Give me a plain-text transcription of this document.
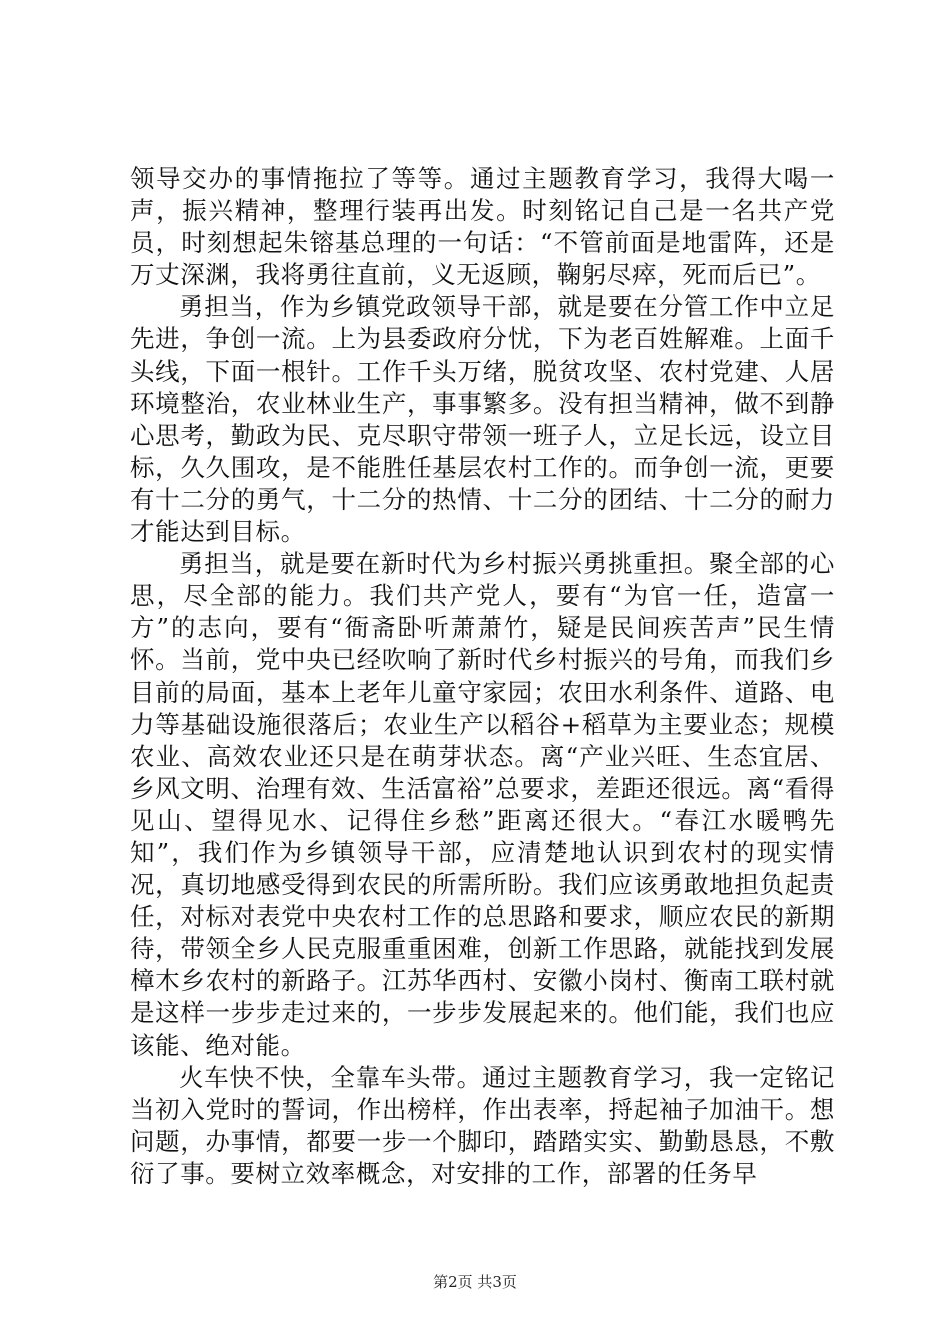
领导交办的事情拖拉了等等。通过主题教育学习，我得大喝一声，振兴精神，整理行装再出发。时刻铭记自己是一名共产党员，时刻想起朱镕基总理的一句话：“不管前面是地雷阵，还是万丈深渊，我将勇往直前，义无返顾，鞠躬尽瘁，死而后已”。

勇担当，作为乡镇党政领导干部，就是要在分管工作中立足先进，争创一流。上为县委政府分忧，下为老百姓解难。上面千头线，下面一根针。工作千头万绪，脱贫攻坚、农村党建、人居环境整治，农业林业生产，事事繁多。没有担当精神，做不到静心思考，勤政为民、克尽职守带领一班子人，立足长远，设立目标，久久围攻，是不能胜任基层农村工作的。而争创一流，更要有十二分的勇气，十二分的热情、十二分的团结、十二分的耐力才能达到目标。

勇担当，就是要在新时代为乡村振兴勇挑重担。聚全部的心思，尽全部的能力。我们共产党人，要有“为官一任，造富一方”的志向，要有“衙斋卧听萧萧竹，疑是民间疾苦声”民生情怀。当前，党中央已经吹响了新时代乡村振兴的号角，而我们乡目前的局面，基本上老年儿童守家园；农田水利条件、道路、电力等基础设施很落后；农业生产以稻谷+稻草为主要业态；规模农业、高效农业还只是在萌芽状态。离“产业兴旺、生态宜居、乡风文明、治理有效、生活富裕”总要求，差距还很远。离“看得见山、望得见水、记得住乡愁”距离还很大。“春江水暖鸭先知”，我们作为乡镇领导干部，应清楚地认识到农村的现实情况，真切地感受得到农民的所需所盼。我们应该勇敢地担负起责任，对标对表党中央农村工作的总思路和要求，顺应农民的新期待，带领全乡人民克服重重困难，创新工作思路，就能找到发展樟木乡农村的新路子。江苏华西村、安徽小岗村、衡南工联村就是这样一步步走过来的，一步步发展起来的。他们能，我们也应该能、绝对能。

火车快不快，全靠车头带。通过主题教育学习，我一定铭记当初入党时的誓词，作出榜样，作出表率，捋起袖子加油干。想问题，办事情，都要一步一个脚印，踏踏实实、勤勤恳恳，不敷衍了事。要树立效率概念，对安排的工作，部署的任务早

第2页 共3页
